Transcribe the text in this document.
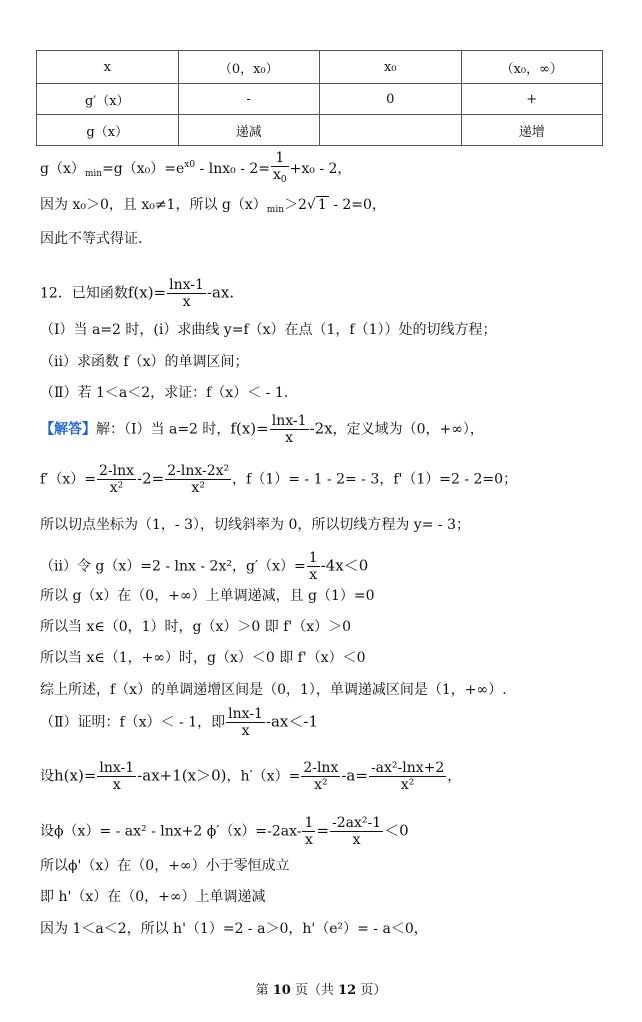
x	（0，x₀）	x₀	（x₀，∞）
g′（x）	-	0	+
g（x）	递减		递增
$g(x)_{min}=g(x_0)=e^{x0} - \ln x_0 - 2= \frac{1}{x_0} +x_0 - 2$，
因为 x₀＞0，且 x₀≠1，所以 $g(x)_{min}>2√$ 1 - 2=0，
因此不等式得证.
12．已知函数$f(x)= \frac{\ln x-1}{x} -ax$.
（Ⅰ）当 a=2 时，(i）求曲线 y=f（x）在点（1，f（1））处的切线方程；
（ii）求函数 f（x）的单调区间；
（Ⅱ）若 1＜a＜2，求证：f（x）＜ - 1.
【解答】解：（Ⅰ）当 a=2 时，$f(x)= \frac{\ln x-1}{x} -2x$，定义域为（0，+∞），
$f'(x)= \frac{2-\ln x}{\text{x²}} -2= \frac{\text{2-lnx-2x²}}{\text{x²}}$ ，f（1）= - 1 - 2= - 3，f'（1）=2 - 2=0；
所以切点坐标为（1，- 3），切线斜率为 0，所以切线方程为 y= - 3；
（ii）令 g（x）=2 - lnx - 2x²，$g'(x)= \frac{1}{x} -4x<0$
所以 g（x）在（0，+∞）上单调递减，且 g（1）=0
所以当 x∈（0，1）时，g（x）＞0 即 f'（x）＞0
所以当 x∈（1，+∞）时，g（x）＜0 即 f'（x）＜0
综上所述，f（x）的单调递增区间是（0，1），单调递减区间是（1，+∞）.
（Ⅱ）证明：f（x）＜ - 1，即 $\frac{\ln x-1}{x} -ax<-1$
设$h(x)= \frac{\ln x-1}{x} -ax+1(x>0)$，$h'(x)= \frac{2-\ln x}{\text{x²}} -a= \frac{\text{-ax²-lnx+2}}{\text{x²}}$ ，
设ϕ（x）= - ax² - lnx+2 $\phi'(x)=-2ax- \frac{1}{x} = \frac{\text{-2ax²-1}}{x} <0$
所以ϕ'（x）在（0，+∞）小于零恒成立
即 h'（x）在（0，+∞）上单调递减
因为 1＜a＜2，所以 h'（1）=2 - a＞0，h'（e²）= - a＜0，
第 10 页（共 12 页）
